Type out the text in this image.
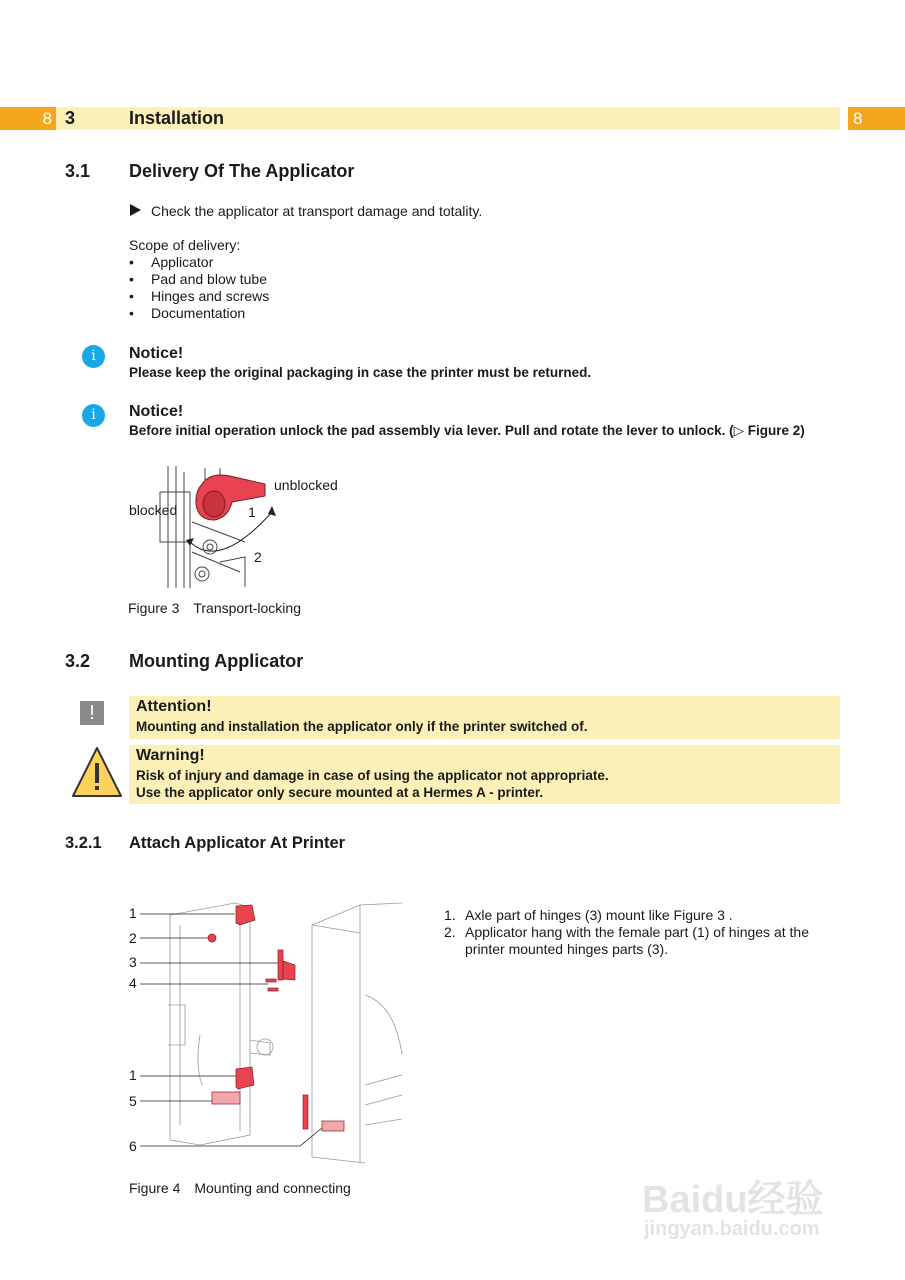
8 3	Installation	8
3.1 Delivery Of The Applicator
Check the applicator at transport damage and totality.
Scope of delivery:
• Applicator
• Pad and blow tube
• Hinges and screws
• Documentation
i	Notice!
Please keep the original packaging in case the printer must be returned.
i	Notice!
Before initial operation unlock the pad assembly via lever. Pull and rotate the lever to unlock. (▷ Figure 2)
unblocked
blocked	1
2
Figure 3 Transport-locking
3.2 Mounting Applicator
!	Attention!
Mounting and installation the applicator only if the printer switched of.
Warning!
Risk of injury and damage in case of using the applicator not appropriate.
Use the applicator only secure mounted at a Hermes A - printer.
3.2.1 Attach Applicator At Printer
1
2
3
4
1
5
6
1. Axle part of hinges (3) mount like Figure 3 .
2. Applicator hang with the female part (1) of hinges at the printer mounted hinges parts (3).
Figure 4 Mounting and connecting	Baidu经验
jingyan.baidu.com
